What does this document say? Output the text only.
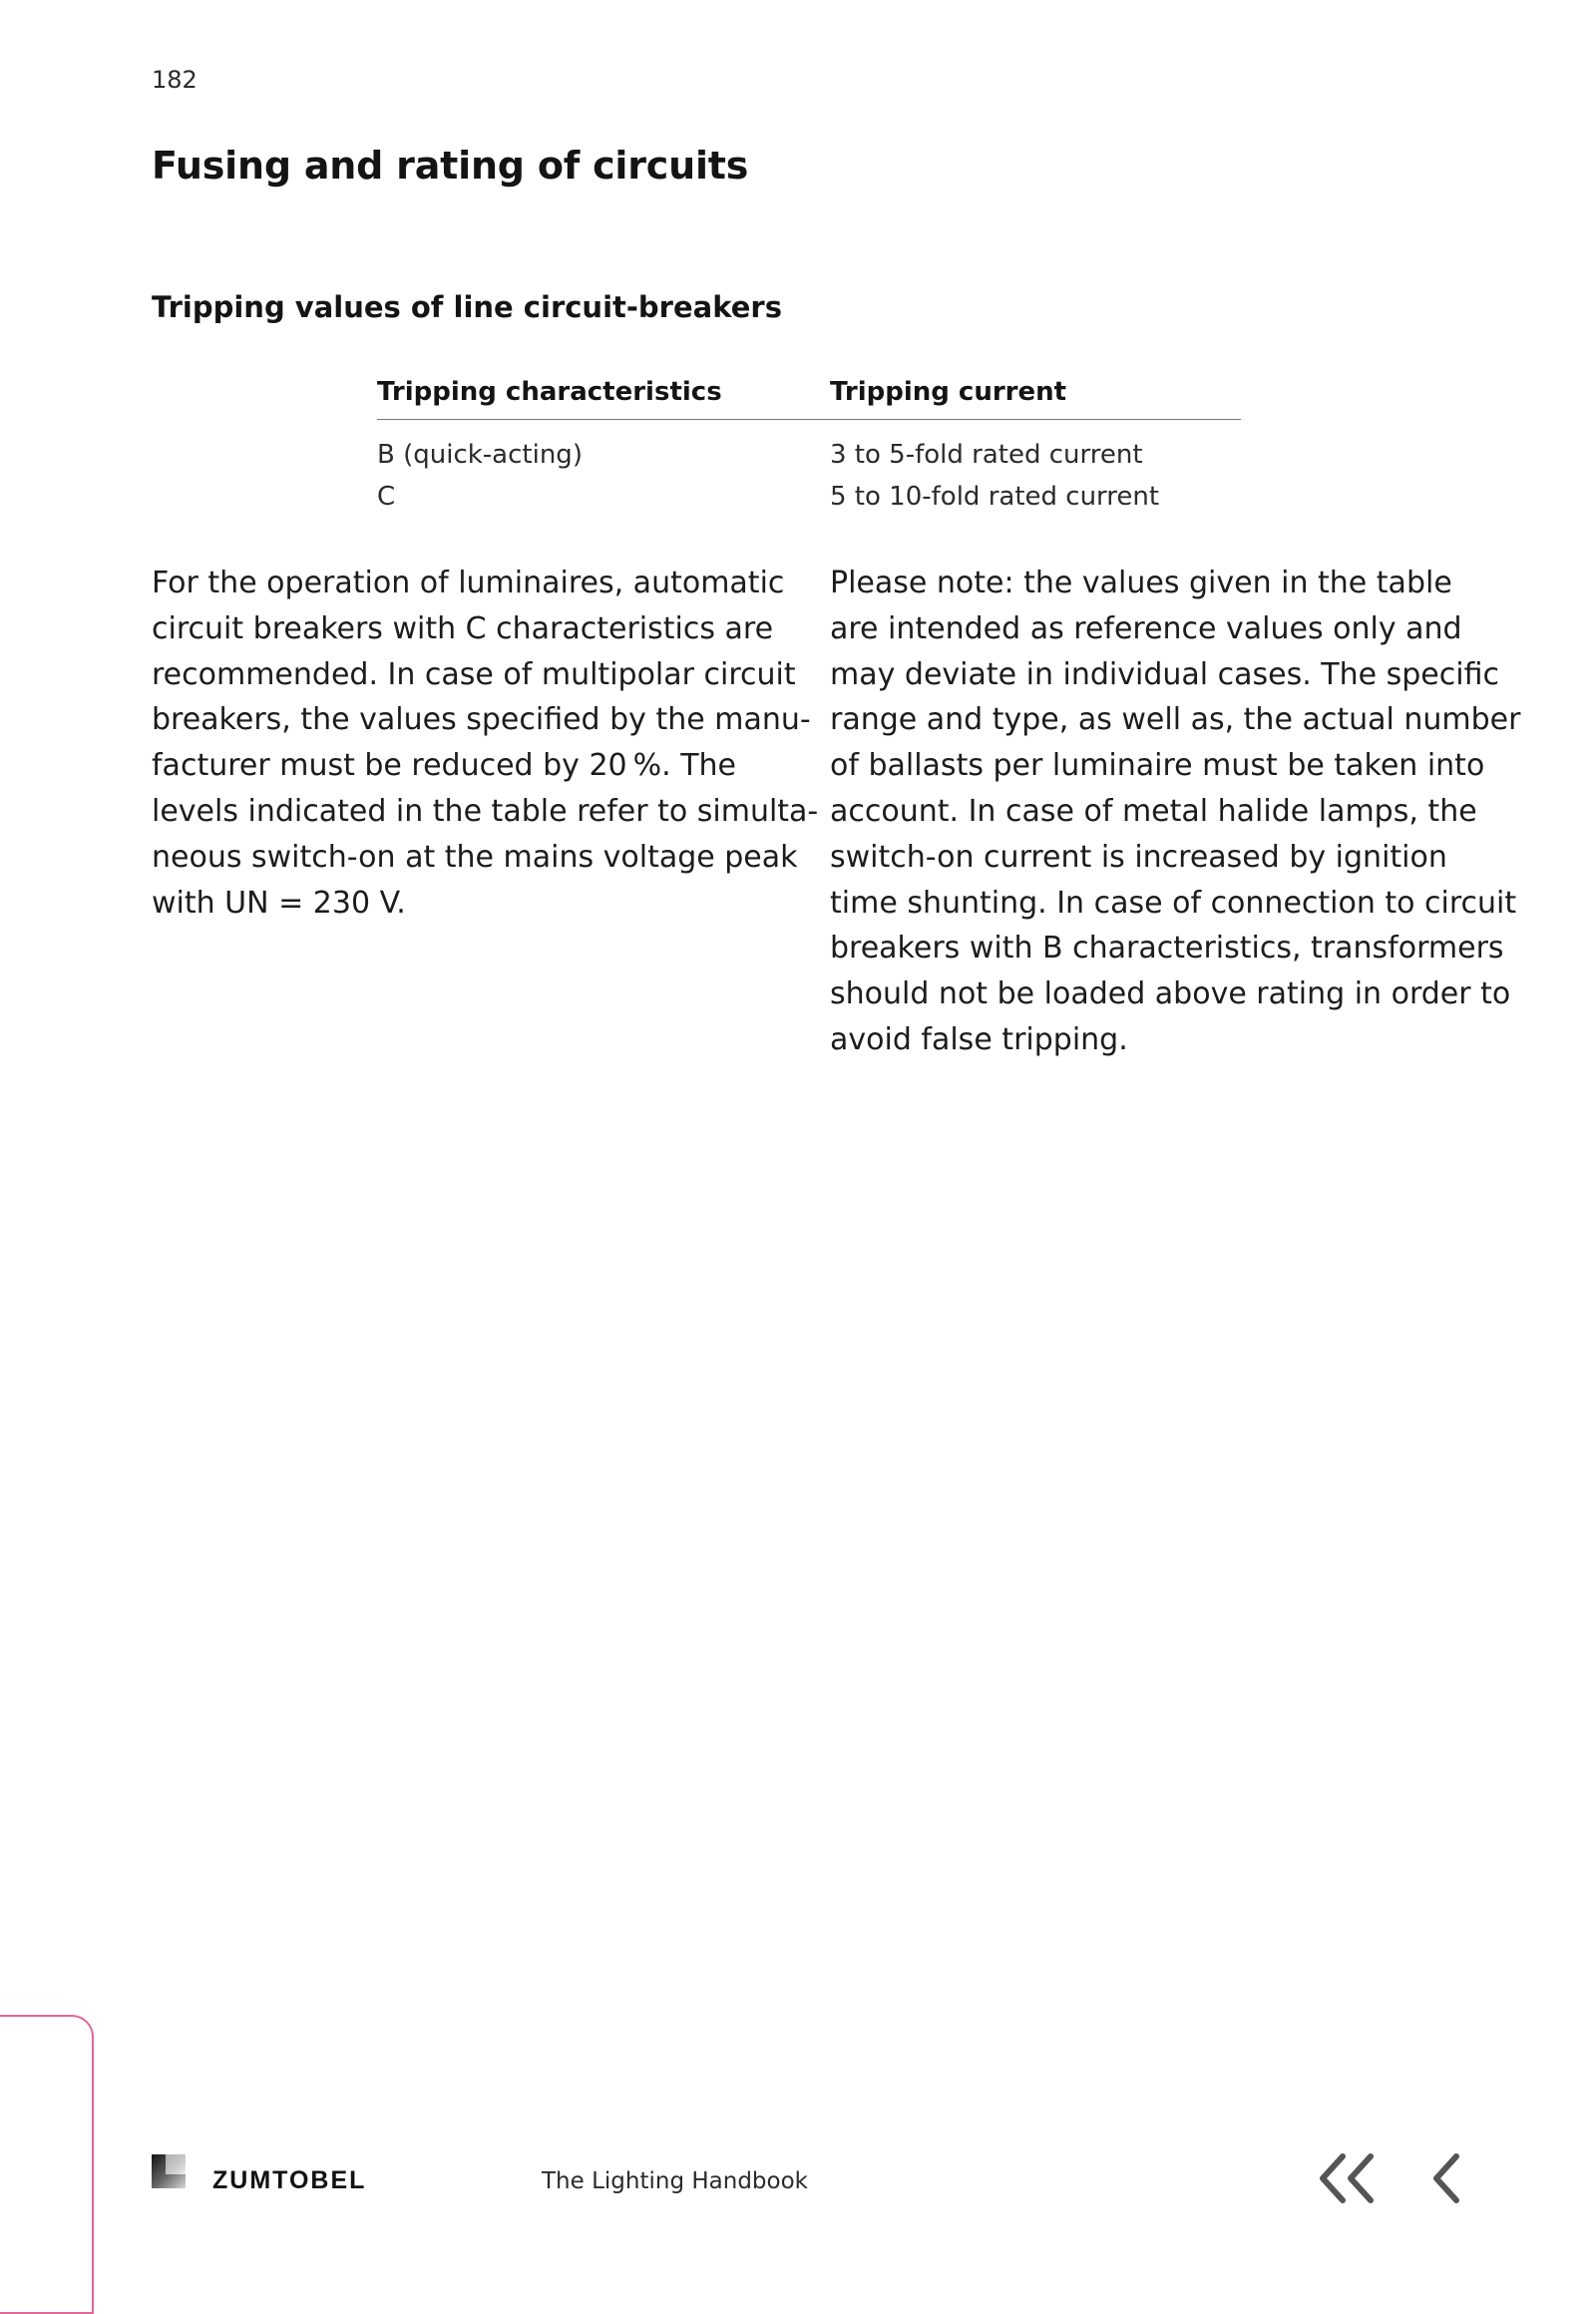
182
Fusing and rating of circuits
Tripping values of line circuit-breakers
Tripping characteristics	Tripping current
B (quick-acting)	3 to 5-fold rated current
C	5 to 10-fold rated current

For the operation of luminaires, automatic
circuit breakers with C characteristics are
recommended. In case of multipolar circuit
breakers, the values specified by the manu-
facturer must be reduced by 20 %. The
levels indicated in the table refer to simulta-
neous switch-on at the mains voltage peak
with UN = 230 V.

Please note: the values given in the table
are intended as reference values only and
may deviate in individual cases. The specific
range and type, as well as, the actual number
of ballasts per luminaire must be taken into
account. In case of metal halide lamps, the
switch-on current is increased by ignition
time shunting. In case of connection to circuit
breakers with B characteristics, transformers
should not be loaded above rating in order to
avoid false tripping.

ZUMTOBEL	The Lighting Handbook
